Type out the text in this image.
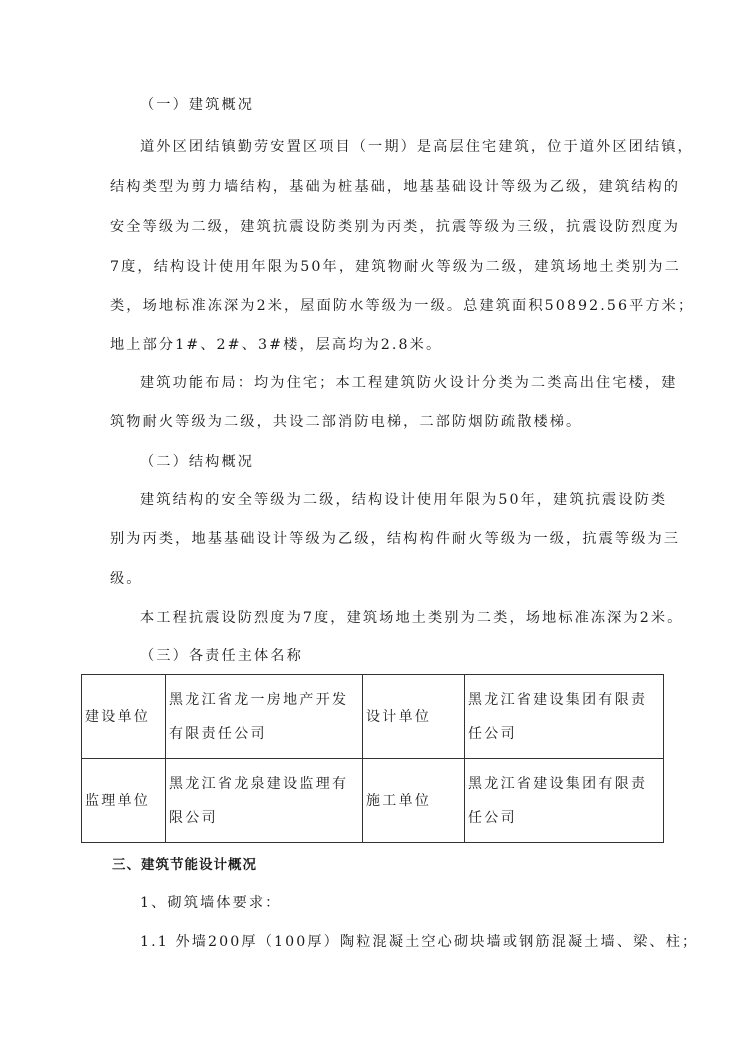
（一）建筑概况
道外区团结镇勤劳安置区项目（一期）是高层住宅建筑，位于道外区团结镇，
结构类型为剪力墙结构，基础为桩基础，地基基础设计等级为乙级，建筑结构的
安全等级为二级，建筑抗震设防类别为丙类，抗震等级为三级，抗震设防烈度为
7度，结构设计使用年限为50年，建筑物耐火等级为二级，建筑场地土类别为二
类，场地标准冻深为2米，屋面防水等级为一级。总建筑面积50892.56平方米；
地上部分1#、2#、3#楼，层高均为2.8米。
建筑功能布局：均为住宅；本工程建筑防火设计分类为二类高出住宅楼，建
筑物耐火等级为二级，共设二部消防电梯，二部防烟防疏散楼梯。
（二）结构概况
建筑结构的安全等级为二级，结构设计使用年限为50年，建筑抗震设防类
别为丙类，地基基础设计等级为乙级，结构构件耐火等级为一级，抗震等级为三
级。
本工程抗震设防烈度为7度，建筑场地土类别为二类，场地标准冻深为2米。
（三）各责任主体名称
建设单位	黑龙江省龙一房地产开发有限责任公司	设计单位	黑龙江省建设集团有限责任公司
监理单位	黑龙江省龙泉建设监理有限公司	施工单位	黑龙江省建设集团有限责任公司
三、建筑节能设计概况
1、砌筑墙体要求：
1.1 外墙200厚（100厚）陶粒混凝土空心砌块墙或钢筋混凝土墙、梁、柱；
